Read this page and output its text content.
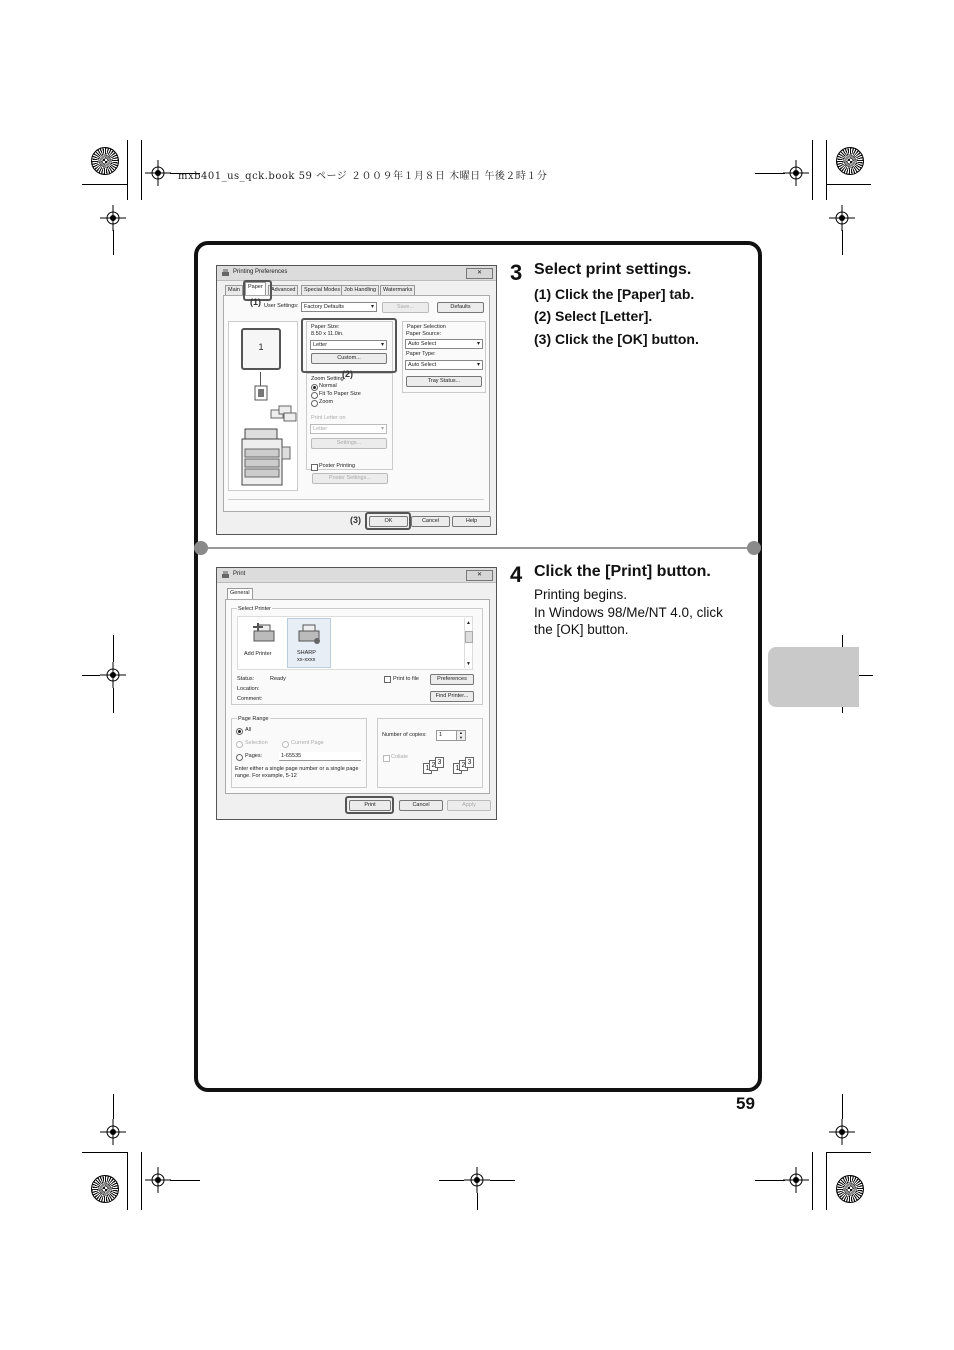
mxb401_us_qck.book 59 ページ ２００９年１月８日 木曜日 午後２時１分
3 Select print settings.
(1) Click the [Paper] tab.
(2) Select [Letter].
(3) Click the [OK] button.
4 Click the [Print] button.
Printing begins.
In Windows 98/Me/NT 4.0, click the [OK] button.
Printing Preferences	✕
Main	Paper	Advanced	Special Modes Job Handling	Watermarks
User Settings: Factory Defaults ▾	Save...	Defaults
1
Paper Size:
8.50 x 11.0in.
Letter ▾
Custom...
Zoom Setting
Normal
Fit To Paper Size
Zoom
Print Letter on
Letter ▾
Settings...
Poster Printing
Poster Settings...
Paper Selection
Paper Source:
Auto Select ▾
Paper Type:
Auto Select ▾
Tray Status...
OK	Cancel	Help
(1)
(2)
(3)
Print	✕
General
Select Printer
Add Printer	SHARP
xx-xxxx
▲
▼
Status:	Ready
Location:
Comment:
Print to file	Preferences
Find Printer...
Page Range
All
Selection	Current Page
Pages:	1-65535
Enter either a single page number or a single page range. For example, 5-12
Number of copies:	1	▲
▼
Collate
1 2 3
1 2 3
Print	Cancel	Apply
59
